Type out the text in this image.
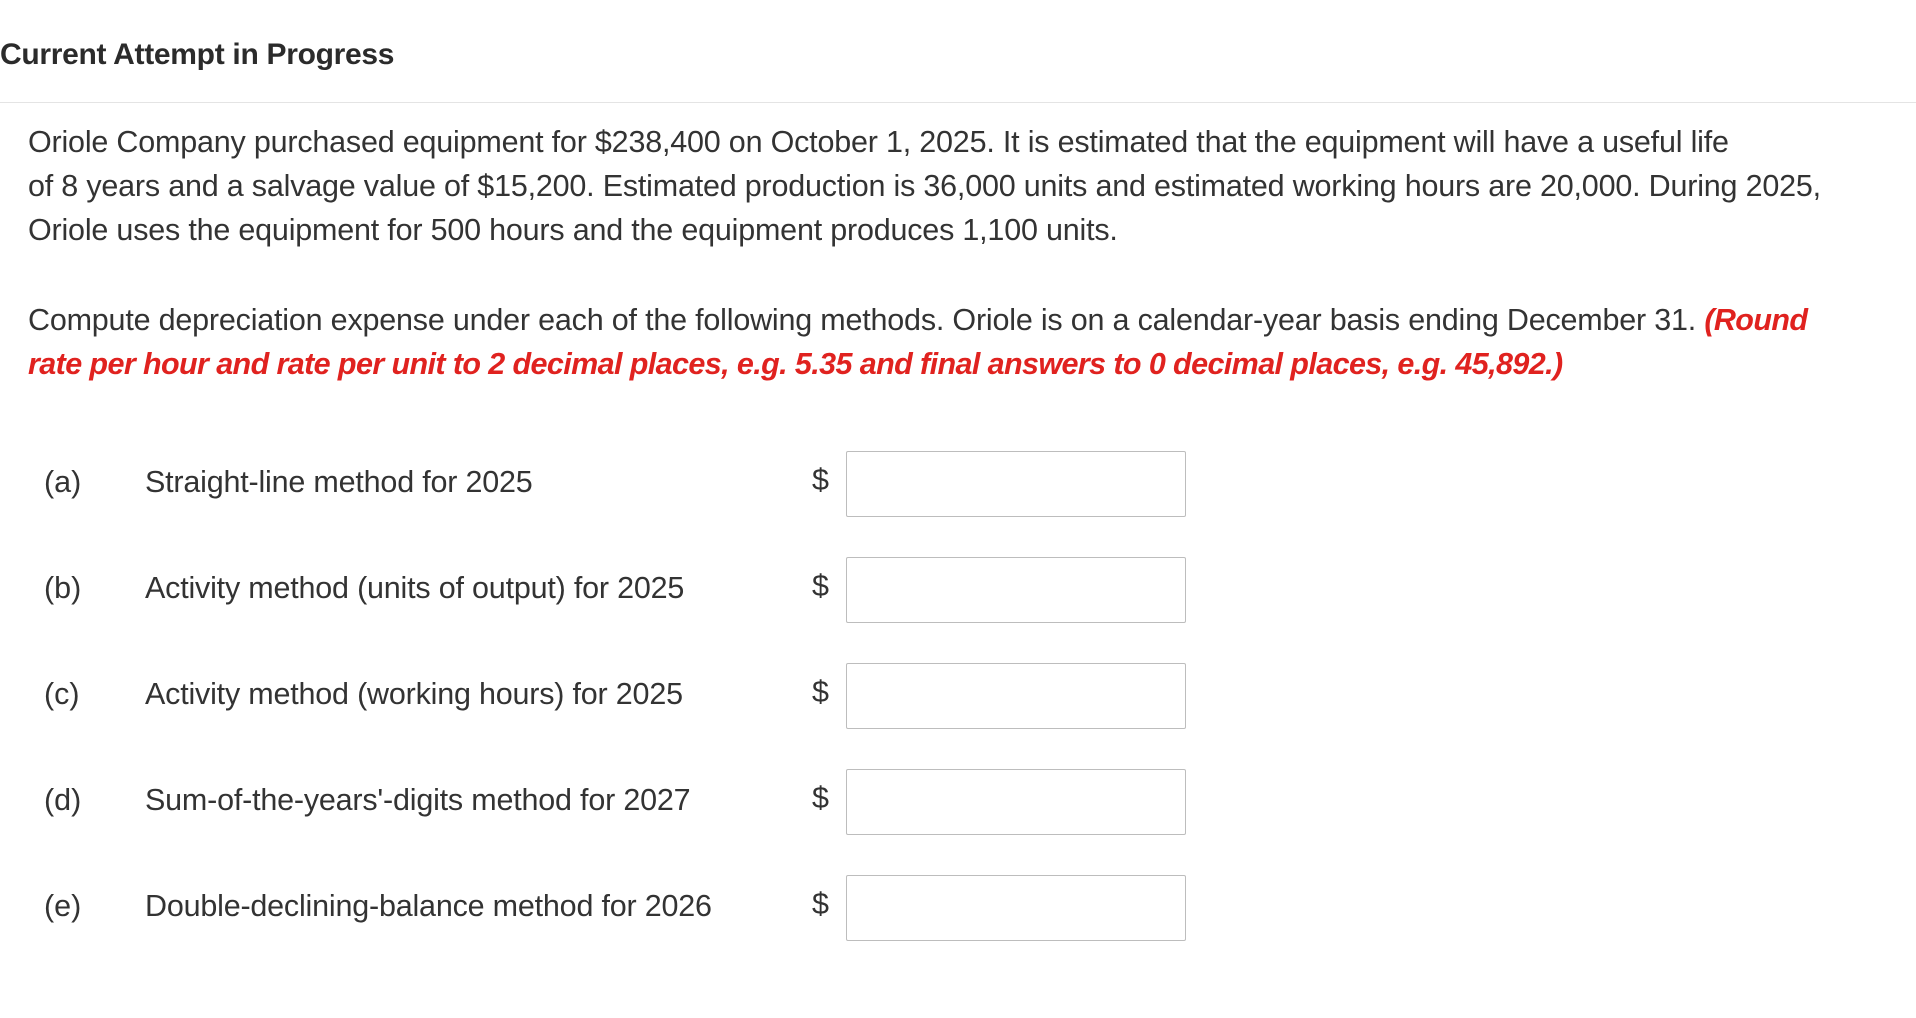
Current Attempt in Progress
Oriole Company purchased equipment for $238,400 on October 1, 2025. It is estimated that the equipment will have a useful life
of 8 years and a salvage value of $15,200. Estimated production is 36,000 units and estimated working hours are 20,000. During 2025,
Oriole uses the equipment for 500 hours and the equipment produces 1,100 units.
Compute depreciation expense under each of the following methods. Oriole is on a calendar-year basis ending December 31. (Round
rate per hour and rate per unit to 2 decimal places, e.g. 5.35 and final answers to 0 decimal places, e.g. 45,892.)
(a) Straight-line method for 2025	$
(b) Activity method (units of output) for 2025	$
(c) Activity method (working hours) for 2025	$
(d) Sum-of-the-years'-digits method for 2027	$
(e) Double-declining-balance method for 2026	$
